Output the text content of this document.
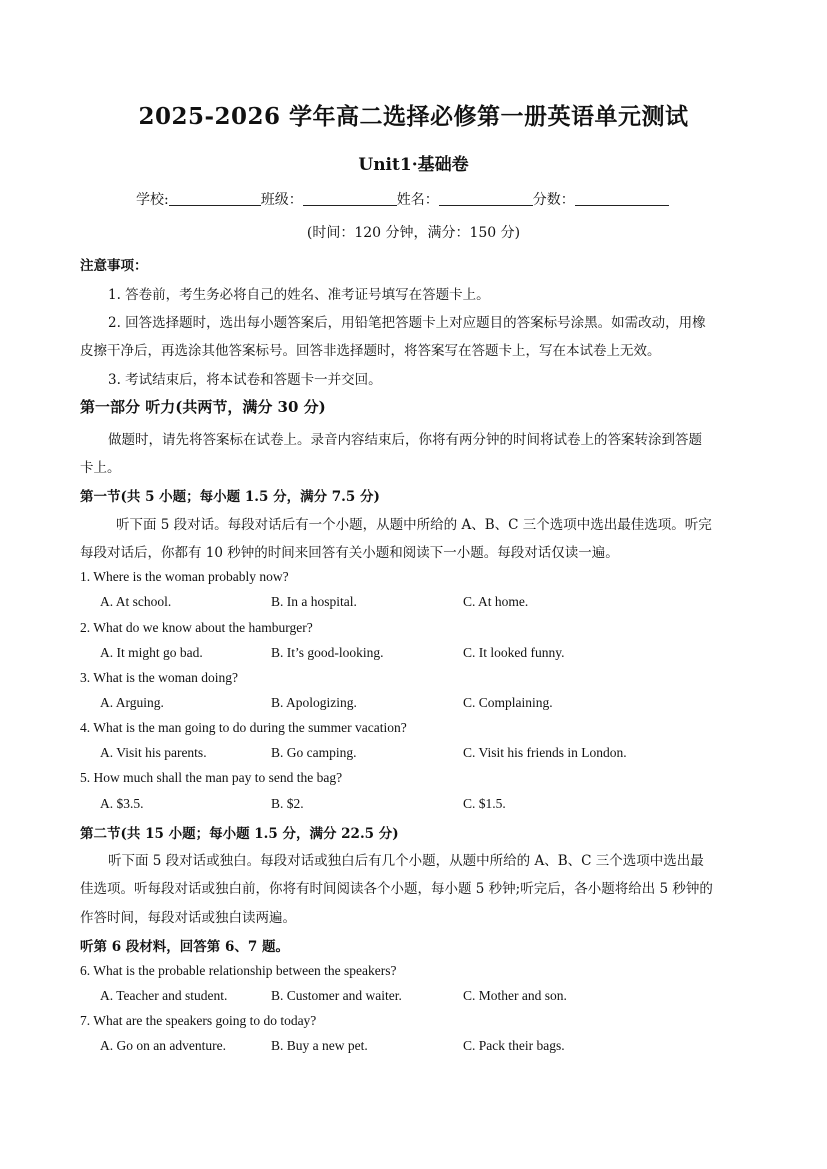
2025-2026 学年高二选择必修第一册英语单元测试
Unit1·基础卷
学校:	班级：	姓名：	分数：
(时间：120 分钟，满分：150 分)
注意事项：
1. 答卷前，考生务必将自己的姓名、准考证号填写在答题卡上。
2. 回答选择题时，选出每小题答案后，用铅笔把答题卡上对应题目的答案标号涂黑。如需改动，用橡
皮擦干净后，再选涂其他答案标号。回答非选择题时，将答案写在答题卡上，写在本试卷上无效。
3. 考试结束后，将本试卷和答题卡一并交回。
第一部分 听力(共两节，满分 30 分)
做题时，请先将答案标在试卷上。录音内容结束后，你将有两分钟的时间将试卷上的答案转涂到答题
卡上。
第一节(共 5 小题；每小题 1.5 分，满分 7.5 分)
听下面 5 段对话。每段对话后有一个小题，从题中所给的 A、B、C 三个选项中选出最佳选项。听完
每段对话后，你都有 10 秒钟的时间来回答有关小题和阅读下一小题。每段对话仅读一遍。
1. Where is the woman probably now?
A. At school.	B. In a hospital.	C. At home.
2. What do we know about the hamburger?
A. It might go bad.	B. It’s good-looking.	C. It looked funny.
3. What is the woman doing?
A. Arguing.	B. Apologizing.	C. Complaining.
4. What is the man going to do during the summer vacation?
A. Visit his parents.	B. Go camping.	C. Visit his friends in London.
5. How much shall the man pay to send the bag?
A. $3.5.	B. $2.	C. $1.5.
第二节(共 15 小题；每小题 1.5 分，满分 22.5 分)
听下面 5 段对话或独白。每段对话或独白后有几个小题，从题中所给的 A、B、C 三个选项中选出最
佳选项。听每段对话或独白前，你将有时间阅读各个小题，每小题 5 秒钟;听完后，各小题将给出 5 秒钟的
作答时间，每段对话或独白读两遍。
听第 6 段材料，回答第 6、7 题。
6. What is the probable relationship between the speakers?
A. Teacher and student.	B. Customer and waiter.	C. Mother and son.
7. What are the speakers going to do today?
A. Go on an adventure.	B. Buy a new pet.	C. Pack their bags.
